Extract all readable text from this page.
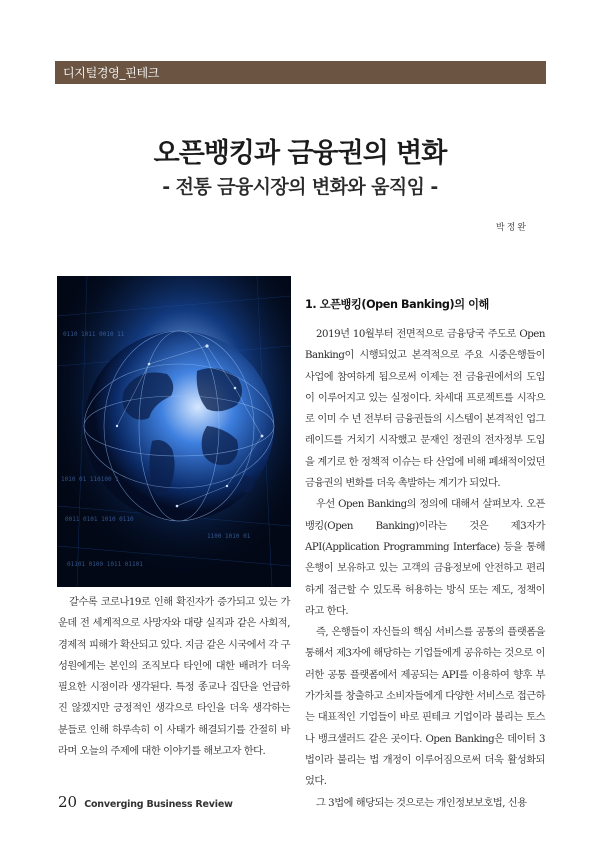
디지털경영_핀테크
오픈뱅킹과 금융권의 변화
- 전통 금융시장의 변화와 움직임 -
박정완
0110 1011 0010 11
1010 01 110100 1
0011 0101 1010 0110
1100 1010 01
01101 0100 1011 01101

갈수록 코로나19로 인해 확진자가 증가되고 있는 가운데 전 세계적으로 사망자와 대량 실직과 같은 사회적, 경제적 피해가 확산되고 있다. 지금 같은 시국에서 각 구성원에게는 본인의 조직보다 타인에 대한 배려가 더욱 필요한 시점이라 생각된다. 특정 종교나 집단을 언급하진 않겠지만 긍정적인 생각으로 타인을 더욱 생각하는 분들로 인해 하루속히 이 사태가 해결되기를 간절히 바라며 오늘의 주제에 대한 이야기를 해보고자 한다.

1. 오픈뱅킹(Open Banking)의 이해

2019년 10월부터 전면적으로 금융당국 주도로 Open Banking이 시행되었고 본격적으로 주요 시중은행들이 사업에 참여하게 됨으로써 이제는 전 금융권에서의 도입이 이루어지고 있는 실정이다. 차세대 프로젝트를 시작으로 이미 수 년 전부터 금융권들의 시스템이 본격적인 업그레이드를 거치기 시작했고 문재인 정권의 전자정부 도입을 계기로 한 정책적 이슈는 타 산업에 비해 폐쇄적이었던 금융권의 변화를 더욱 촉발하는 계기가 되었다.

우선 Open Banking의 정의에 대해서 살펴보자. 오픈뱅킹(Open Banking)이라는 것은 제3자가 API(Application Programming Interface) 등을 통해 은행이 보유하고 있는 고객의 금융정보에 안전하고 편리하게 접근할 수 있도록 허용하는 방식 또는 제도, 정책이라고 한다.

즉, 은행들이 자신들의 핵심 서비스를 공통의 플랫폼을 통해서 제3자에 해당하는 기업들에게 공유하는 것으로 이러한 공통 플랫폼에서 제공되는 API를 이용하여 향후 부가가치를 창출하고 소비자들에게 다양한 서비스로 접근하는 대표적인 기업들이 바로 핀테크 기업이라 불리는 토스나 뱅크샐러드 같은 곳이다. Open Banking은 데이터 3법이라 불리는 법 개정이 이루어짐으로써 더욱 활성화되었다.

그 3법에 해당되는 것으로는 개인정보보호법, 신용

20 Converging Business Review
